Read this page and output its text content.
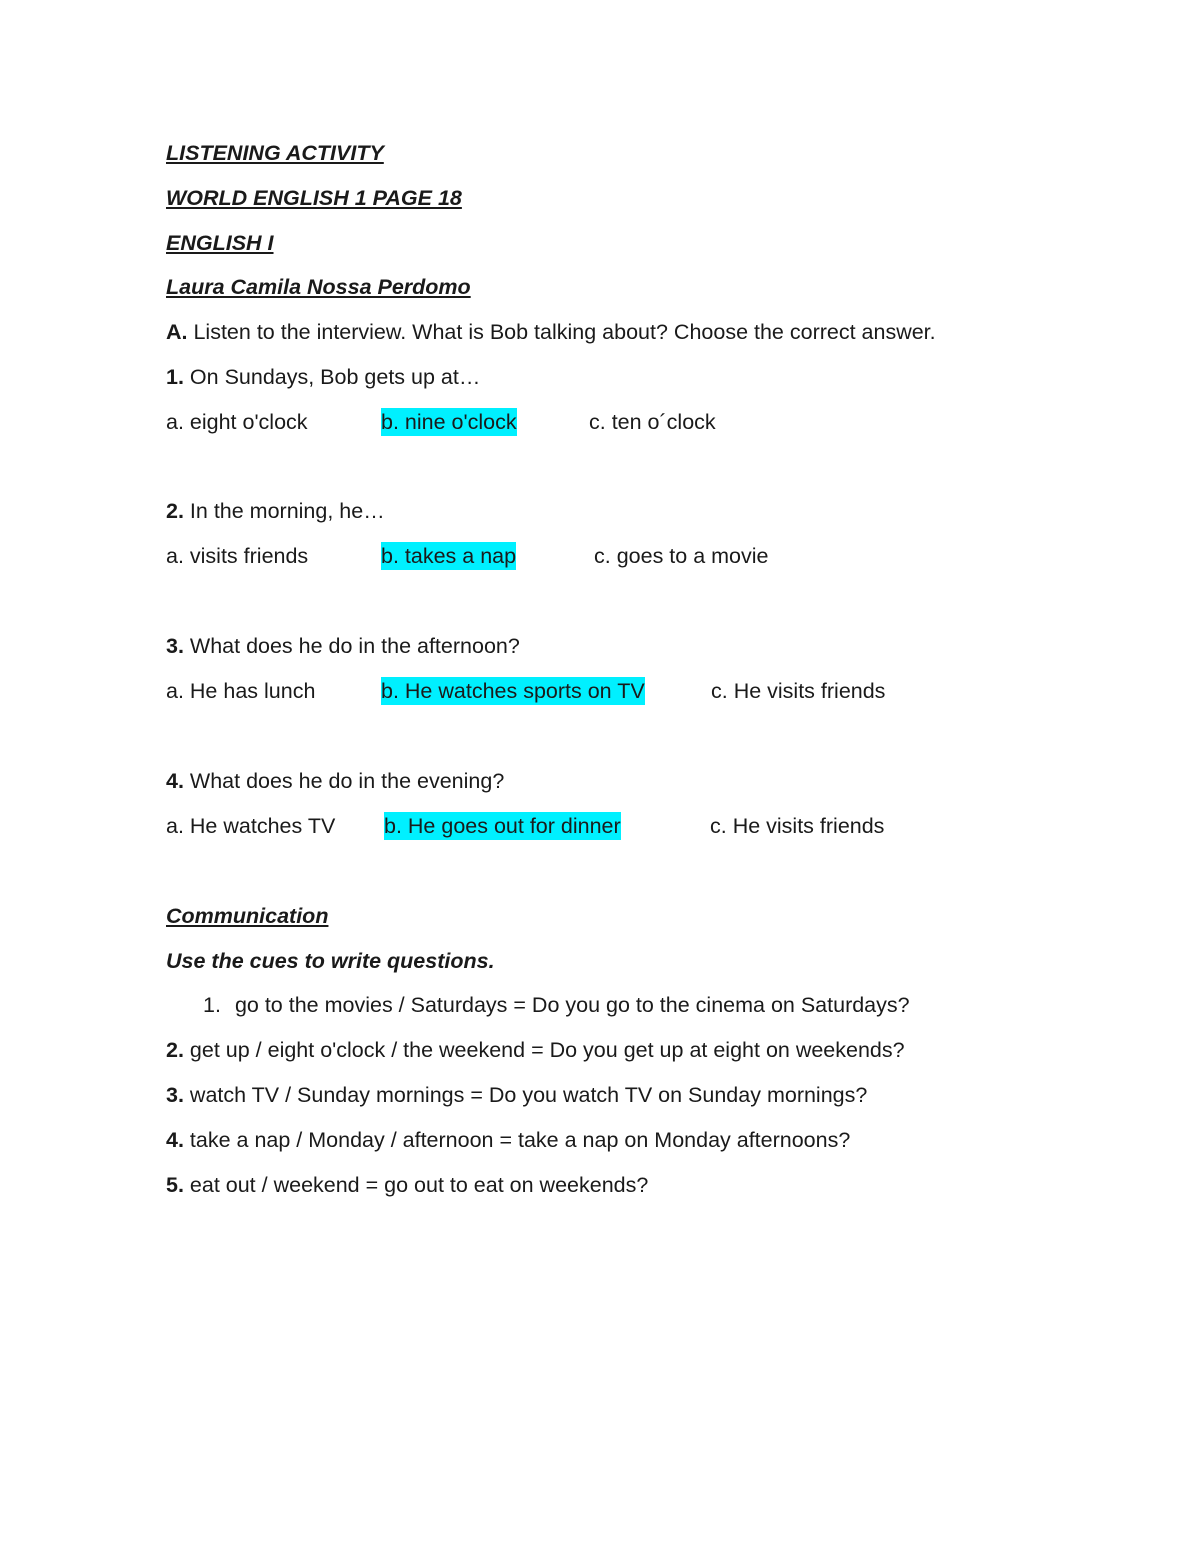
LISTENING ACTIVITY
WORLD ENGLISH 1 PAGE 18
ENGLISH I
Laura Camila Nossa Perdomo
A. Listen to the interview. What is Bob talking about? Choose the correct answer.
1. On Sundays, Bob gets up at…
a. eight o'clock	b. nine o'clock	c. ten o´clock
2. In the morning, he…
a. visits friends	b. takes a nap	c. goes to a movie
3. What does he do in the afternoon?
a. He has lunch	b. He watches sports on TV	c. He visits friends
4. What does he do in the evening?
a. He watches TV b. He goes out for dinner	c. He visits friends
Communication
Use the cues to write questions.
1. go to the movies / Saturdays = Do you go to the cinema on Saturdays?
2. get up / eight o'clock / the weekend = Do you get up at eight on weekends?
3. watch TV / Sunday mornings = Do you watch TV on Sunday mornings?
4. take a nap / Monday / afternoon = take a nap on Monday afternoons?
5. eat out / weekend = go out to eat on weekends?
